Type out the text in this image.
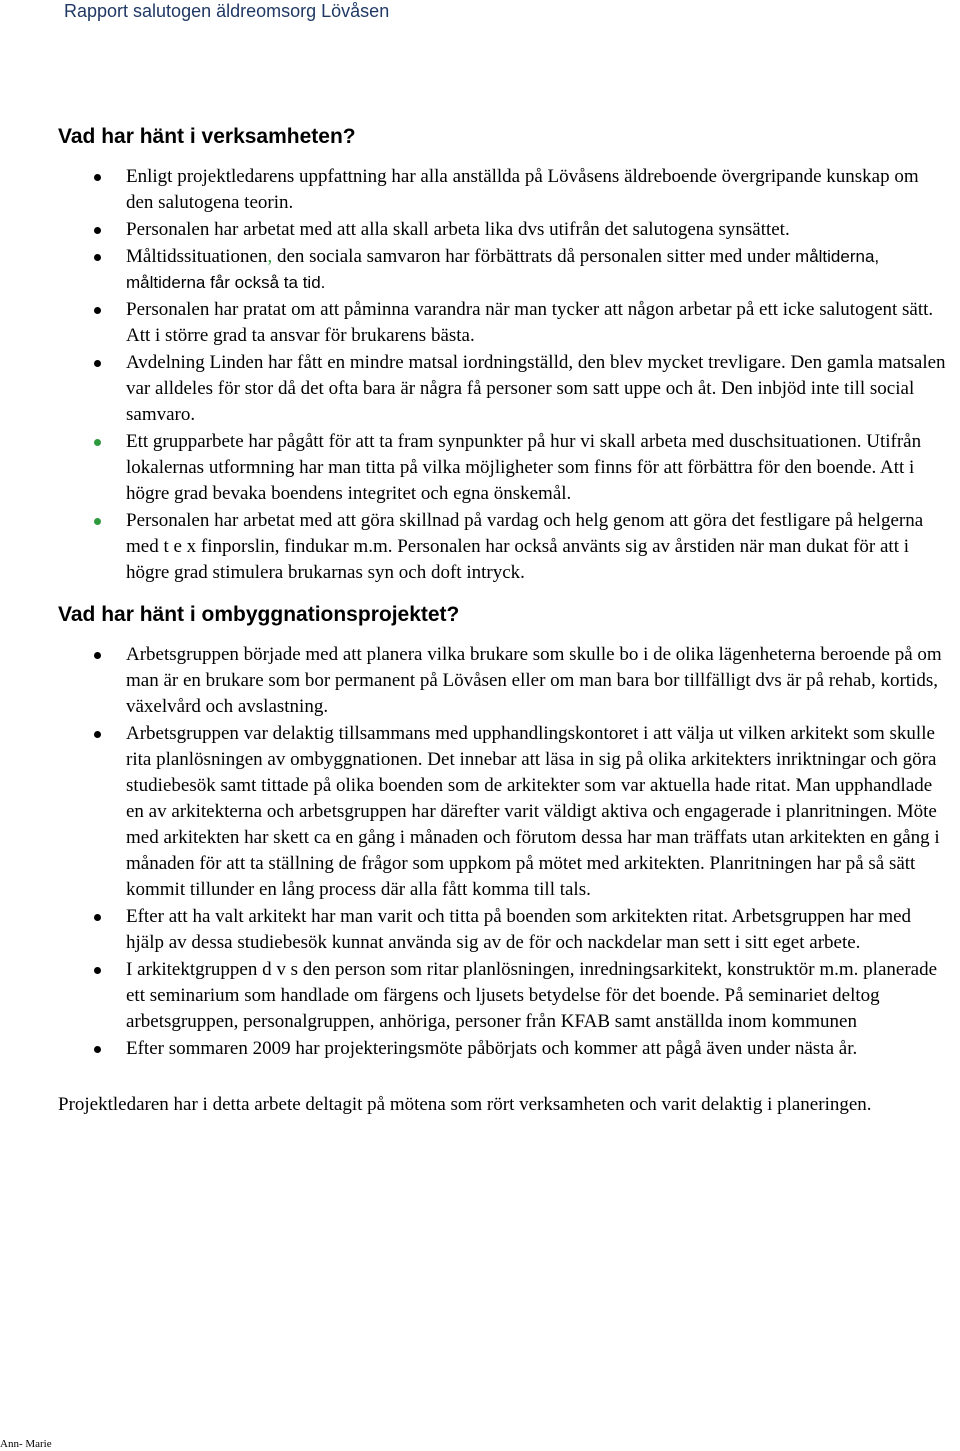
Rapport salutogen äldreomsorg Lövåsen
Vad har hänt i verksamheten?
Enligt projektledarens uppfattning har alla anställda på Lövåsens äldreboende övergripande kunskap om den salutogena teorin.
Personalen har arbetat med att alla skall arbeta lika dvs utifrån det salutogena synsättet.
Måltidssituationen, den sociala samvaron har förbättrats då personalen sitter med under måltiderna, måltiderna får också ta tid.
Personalen har pratat om att påminna varandra när man tycker att någon arbetar på ett icke salutogent sätt. Att i större grad ta ansvar för brukarens bästa.
Avdelning Linden har fått en mindre matsal iordningställd, den blev mycket trevligare. Den gamla matsalen var alldeles för stor då det ofta bara är några få personer som satt uppe och åt. Den inbjöd inte till social samvaro.
Ett grupparbete har pågått för att ta fram synpunkter på hur vi skall arbeta med duschsituationen. Utifrån lokalernas utformning har man titta på vilka möjligheter som finns för att förbättra för den boende. Att i högre grad bevaka boendens integritet och egna önskemål.
Personalen har arbetat med att göra skillnad på vardag och helg genom att göra det festligare på helgerna med t e x finporslin, findukar m.m. Personalen har också använts sig av årstiden när man dukat för att i högre grad stimulera brukarnas syn och doft intryck.
Vad har hänt i ombyggnationsprojektet?
Arbetsgruppen började med att planera vilka brukare som skulle bo i de olika lägenheterna beroende på om man är en brukare som bor permanent på Lövåsen eller om man bara bor tillfälligt dvs är på rehab, kortids, växelvård och avslastning.
Arbetsgruppen var delaktig tillsammans med upphandlingskontoret i att välja ut vilken arkitekt som skulle rita planlösningen av ombyggnationen. Det innebar att läsa in sig på olika arkitekters inriktningar och göra studiebesök samt tittade på olika boenden som de arkitekter som var aktuella hade ritat. Man upphandlade en av arkitekterna och arbetsgruppen har därefter varit väldigt aktiva och engagerade i planritningen. Möte med arkitekten har skett ca en gång i månaden och förutom dessa har man träffats utan arkitekten en gång i månaden för att ta ställning de frågor som uppkom på mötet med arkitekten. Planritningen har på så sätt kommit tillunder en lång process där alla fått komma till tals.
Efter att ha valt arkitekt har man varit och titta på boenden som arkitekten ritat. Arbetsgruppen har med hjälp av dessa studiebesök kunnat använda sig av de för och nackdelar man sett i sitt eget arbete.
I arkitektgruppen d v s den person som ritar planlösningen, inredningsarkitekt, konstruktör m.m. planerade ett seminarium som handlade om färgens och ljusets betydelse för det boende. På seminariet deltog arbetsgruppen, personalgruppen, anhöriga, personer från KFAB samt anställda inom kommunen
Efter sommaren 2009 har projekteringsmöte påbörjats och kommer att pågå även under nästa år.

Projektledaren har i detta arbete deltagit på mötena som rört verksamheten och varit delaktig i planeringen.

Ann- Marie
